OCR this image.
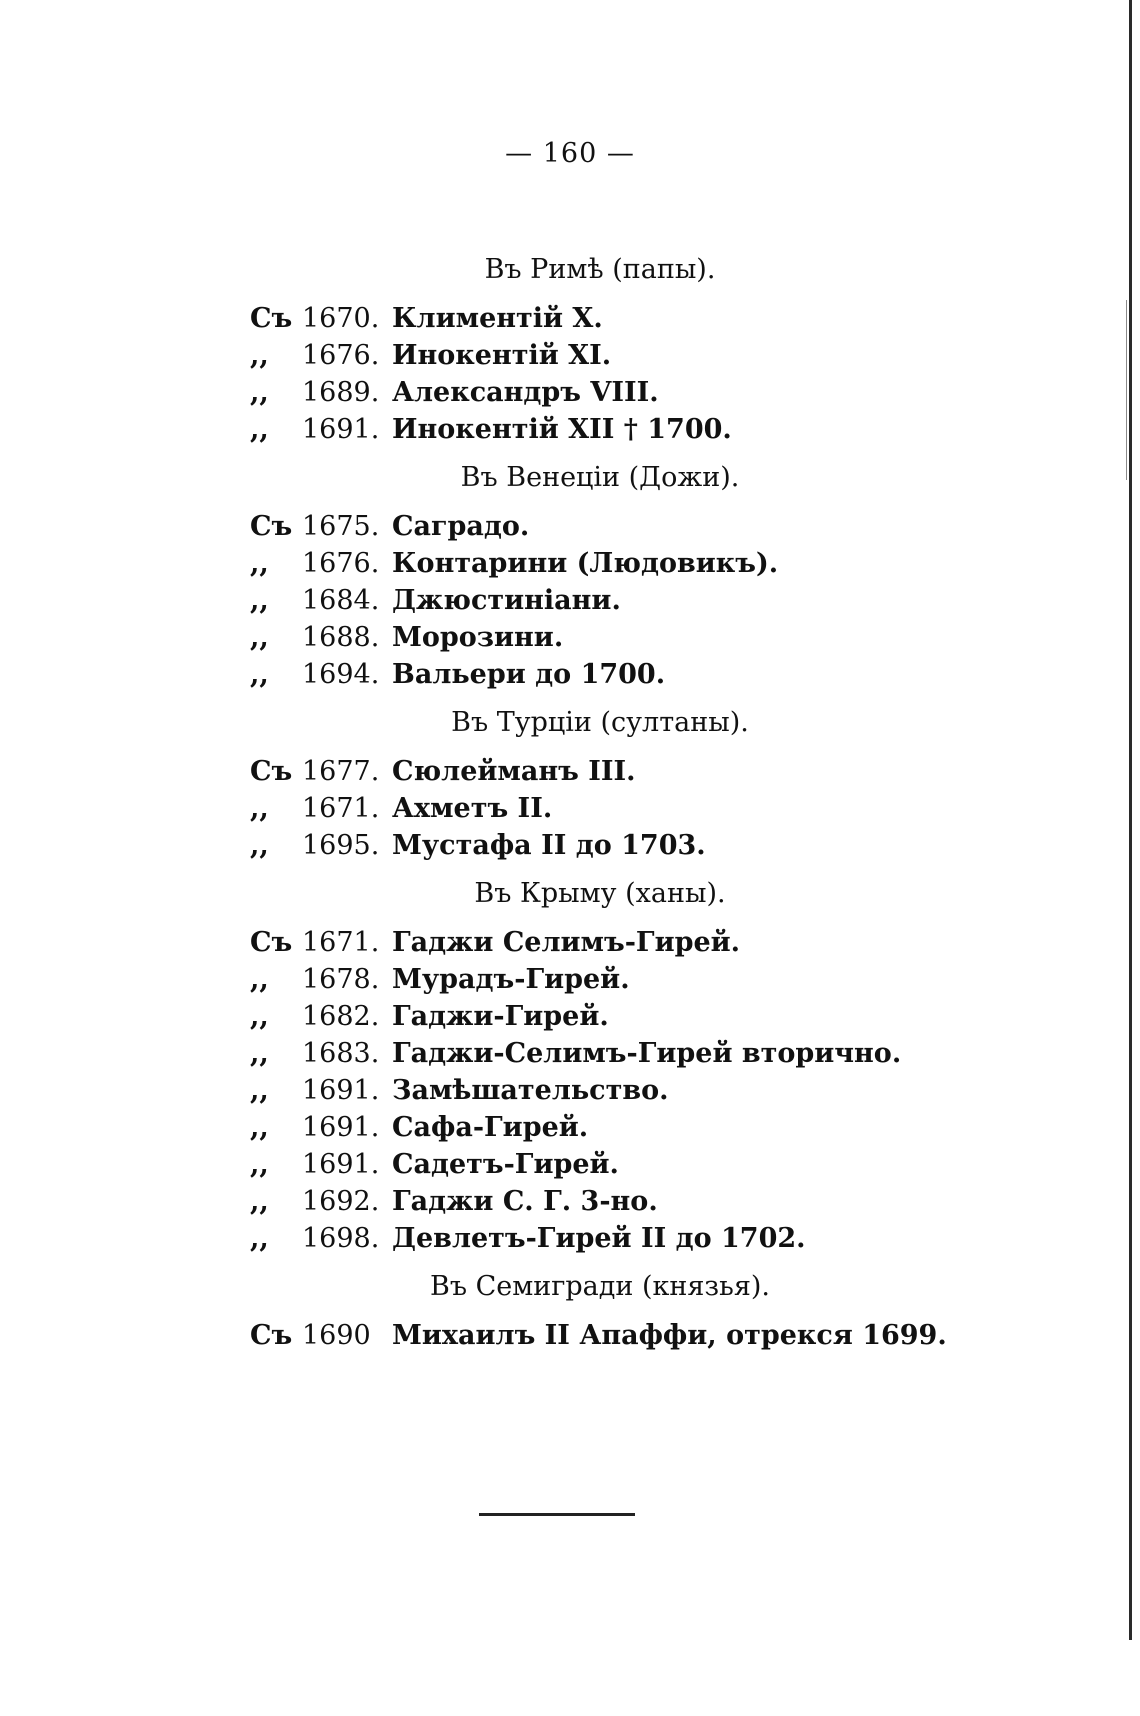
— 160 —
Въ Римѣ (папы).
Съ 1670. Климентій X.
,,	1676. Инокентій XI.
,,	1689. Александръ VIII.
,,	1691. Инокентій XII † 1700.
Въ Венеціи (Дожи).
Съ 1675. Саградо.
,,	1676. Контарини (Людовикъ).
,,	1684. Джюстиніани.
,,	1688. Морозини.
,,	1694. Вальери до 1700.
Въ Турціи (султаны).
Съ 1677. Сюлейманъ III.
,,	1671. Ахметъ II.
,,	1695. Мустафа II до 1703.
Въ Крыму (ханы).
Съ 1671. Гаджи Селимъ-Гирей.
,,	1678. Мурадъ-Гирей.
,,	1682. Гаджи-Гирей.
,,	1683. Гаджи-Селимъ-Гирей вторично.
,,	1691. Замѣшательство.
,,	1691. Сафа-Гирей.
,,	1691. Садетъ-Гирей.
,,	1692. Гаджи С. Г. 3-но.
,,	1698. Девлетъ-Гирей II до 1702.
Въ Семигради (князья).
Съ 1690 Михаилъ II Апаффи, отрекся 1699.
